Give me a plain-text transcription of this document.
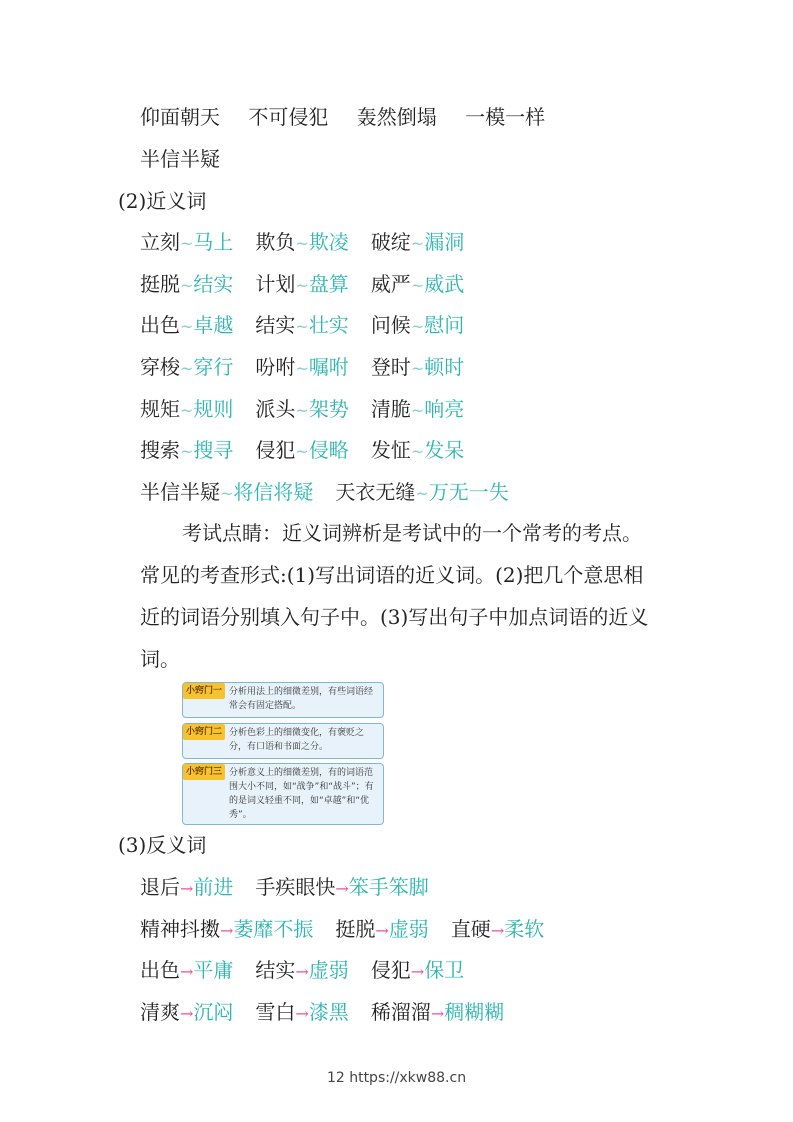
仰面朝天 不可侵犯 轰然倒塌 一模一样
半信半疑
(2)近义词
立刻~马上 欺负~欺凌 破绽~漏洞
挺脱~结实 计划~盘算 威严~威武
出色~卓越 结实~壮实 问候~慰问
穿梭~穿行 吩咐~嘱咐 登时~顿时
规矩~规则 派头~架势 清脆~响亮
搜索~搜寻 侵犯~侵略 发怔~发呆
半信半疑~将信将疑 天衣无缝~万无一失
考试点睛：近义词辨析是考试中的一个常考的考点。
常见的考查形式:(1)写出词语的近义词。(2)把几个意思相
近的词语分别填入句子中。(3)写出句子中加点词语的近义
词。
小窍门一 分析用法上的细微差别，有些词语经常会有固定搭配。
小窍门二 分析色彩上的细微变化，有褒贬之分，有口语和书面之分。
小窍门三 分析意义上的细微差别，有的词语范围大小不同，如“战争”和“战斗”；有的是词义轻重不同，如“卓越”和“优秀”。
(3)反义词
退后→前进 手疾眼快→笨手笨脚
精神抖擞→萎靡不振 挺脱→虚弱 直硬→柔软
出色→平庸 结实→虚弱 侵犯→保卫
清爽→沉闷 雪白→漆黑 稀溜溜→稠糊糊
12 https://xkw88.cn
